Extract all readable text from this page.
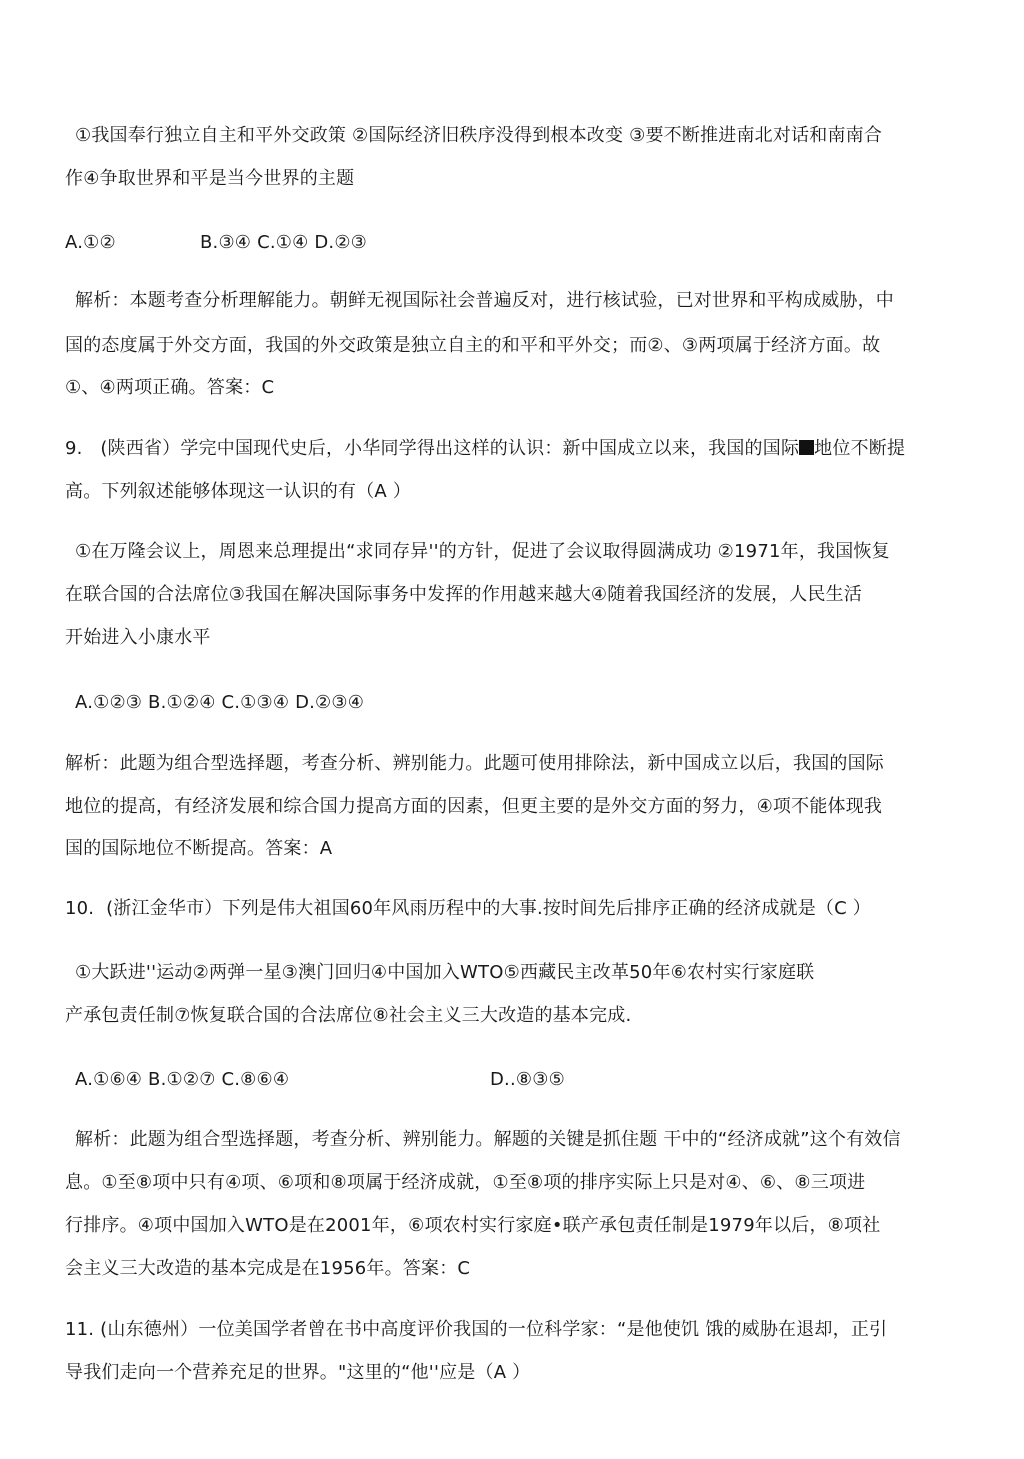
①我国奉行独立自主和平外交政策 ②国际经济旧秩序没得到根本改变 ③要不断推进南北对话和南南合
作④争取世界和平是当今世界的主题
A.①②	B.③④ C.①④ D.②③
解析：本题考查分析理解能力。朝鲜无视国际社会普遍反对，进行核试验，已对世界和平构成威胁，中
国的态度属于外交方面，我国的外交政策是独立自主的和平和平外交；而②、③两项属于经济方面。故
①、④两项正确。答案：C
9.   (陕西省）学完中国现代史后，小华同学得出这样的认识：新中国成立以来，我国的国际 地位不断提
高。下列叙述能够体现这一认识的有（A ）
①在万隆会议上，周恩来总理提出“求同存异''的方针，促进了会议取得圆满成功 ②1971年，我国恢复
在联合国的合法席位③我国在解决国际事务中发挥的作用越来越大④随着我国经济的发展，人民生活
开始进入小康水平
A.①②③ B.①②④ C.①③④ D.②③④
解析：此题为组合型选择题，考查分析、辨别能力。此题可使用排除法，新中国成立以后，我国的国际
地位的提高，有经济发展和综合国力提高方面的因素，但更主要的是外交方面的努力，④项不能体现我
国的国际地位不断提高。答案：A
10.  (浙江金华市）下列是伟大祖国60年风雨历程中的大事.按时间先后排序正确的经济成就是（C ）
①大跃进''运动②两弹一星③澳门回归④中国加入WTO⑤西藏民主改革50年⑥农村实行家庭联
产承包责任制⑦恢复联合国的合法席位⑧社会主义三大改造的基本完成.
A.①⑥④ B.①②⑦ C.⑧⑥④	D..⑧③⑤
解析：此题为组合型选择题，考查分析、辨别能力。解题的关键是抓住题 干中的“经济成就”这个有效信
息。①至⑧项中只有④项、⑥项和⑧项属于经济成就，①至⑧项的排序实际上只是对④、⑥、⑧三项进
行排序。④项中国加入WTO是在2001年，⑥项农村实行家庭•联产承包责任制是1979年以后，⑧项社
会主义三大改造的基本完成是在1956年。答案：C
11. (山东德州）一位美国学者曾在书中高度评价我国的一位科学家：“是他使饥 饿的威胁在退却，正引
导我们走向一个营养充足的世界。"这里的“他''应是（A ）
